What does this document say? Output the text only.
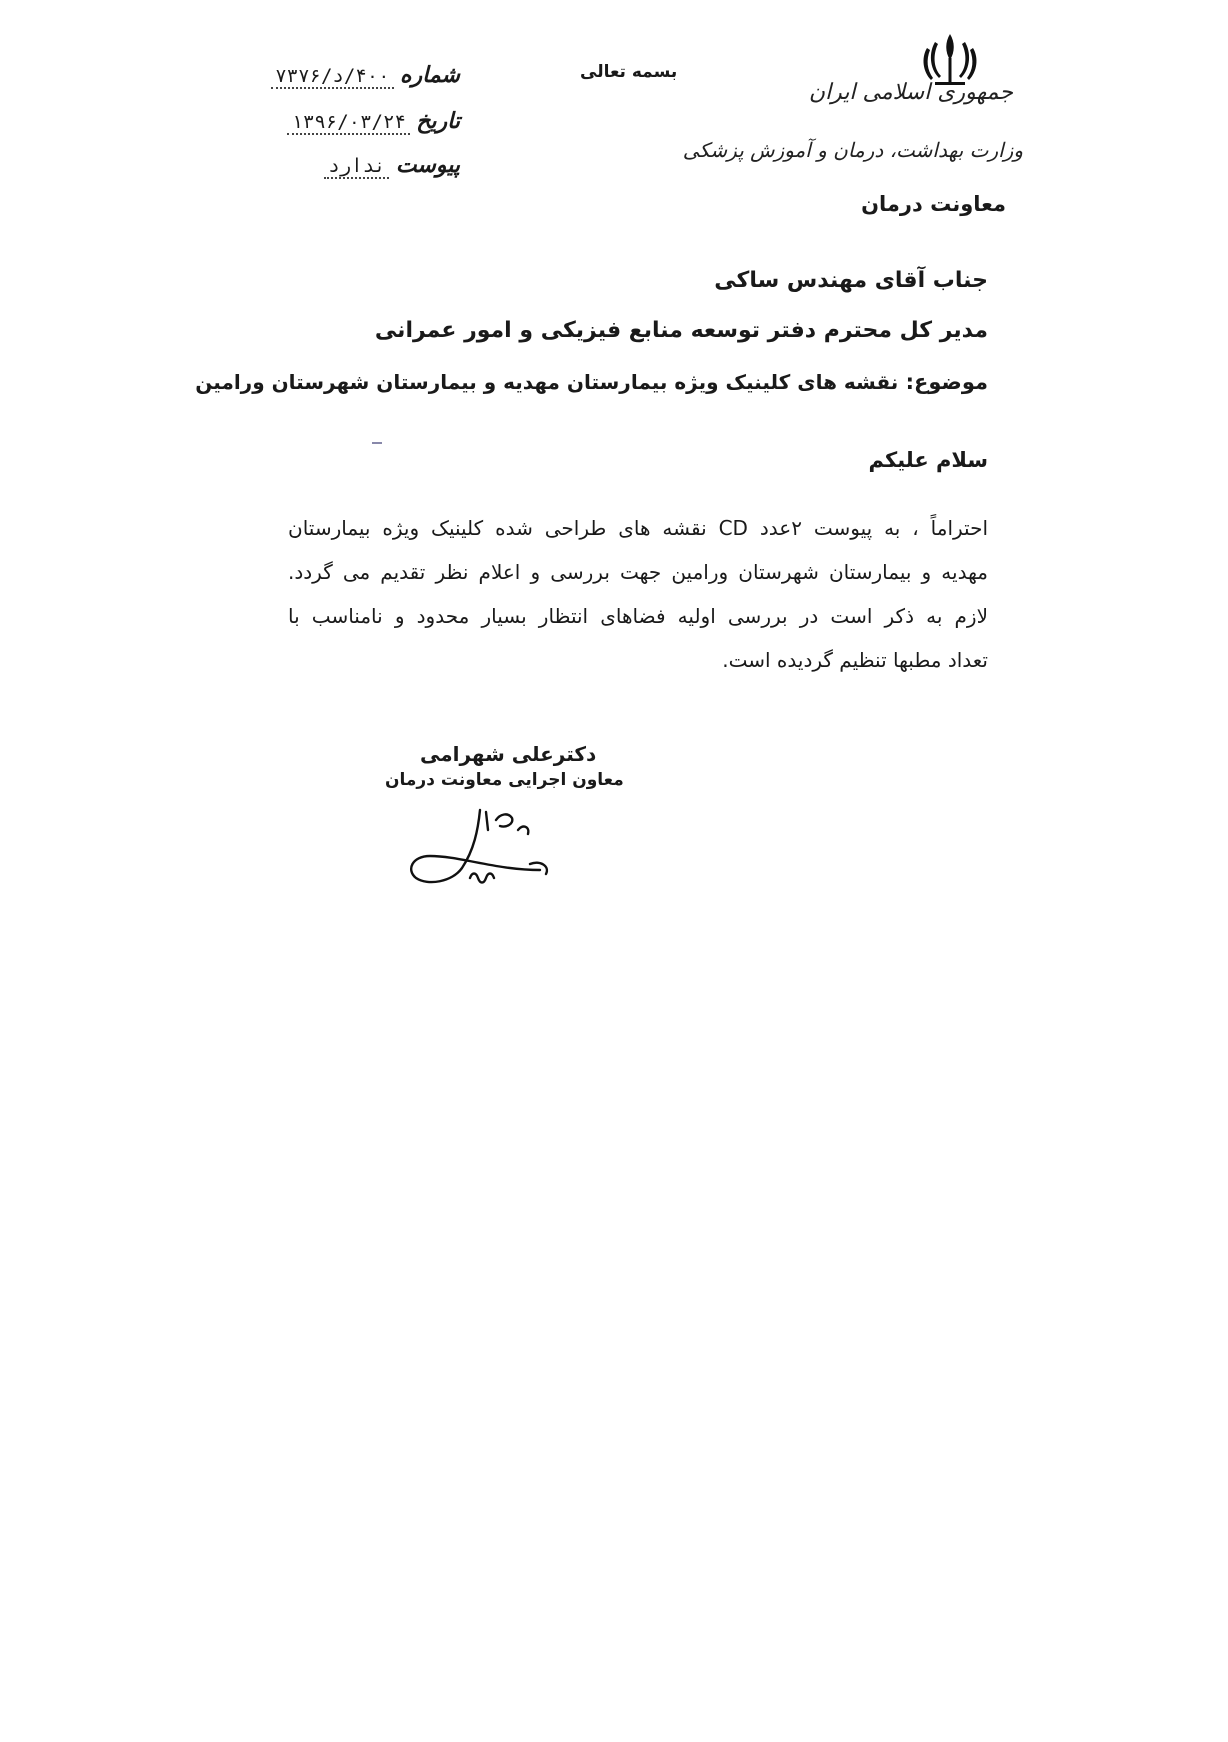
جمهوری اسلامی ایران
وزارت بهداشت، درمان و آموزش پزشکی
معاونت درمان
بسمه تعالی
شماره ۴۰۰/د/۷۳۷۶
تاریخ ۱۳۹۶/۰۳/۲۴
پیوست ندارد
جناب آقای مهندس ساکی
مدیر کل محترم دفتر توسعه منابع فیزیکی و امور عمرانی
موضوع: نقشه های کلینیک ویژه بیمارستان مهدیه و بیمارستان شهرستان ورامین
سلام علیکم
احتراماً ، به پیوست ۲عدد CD نقشه های طراحی شده کلینیک ویژه بیمارستان
مهدیه و بیمارستان شهرستان ورامین جهت بررسی و اعلام نظر تقدیم می گردد.
لازم به ذکر است در بررسی اولیه فضاهای انتظار بسیار محدود و نامناسب با
تعداد مطبها تنظیم گردیده است.
دکترعلی شهرامی
معاون اجرایی معاونت درمان
